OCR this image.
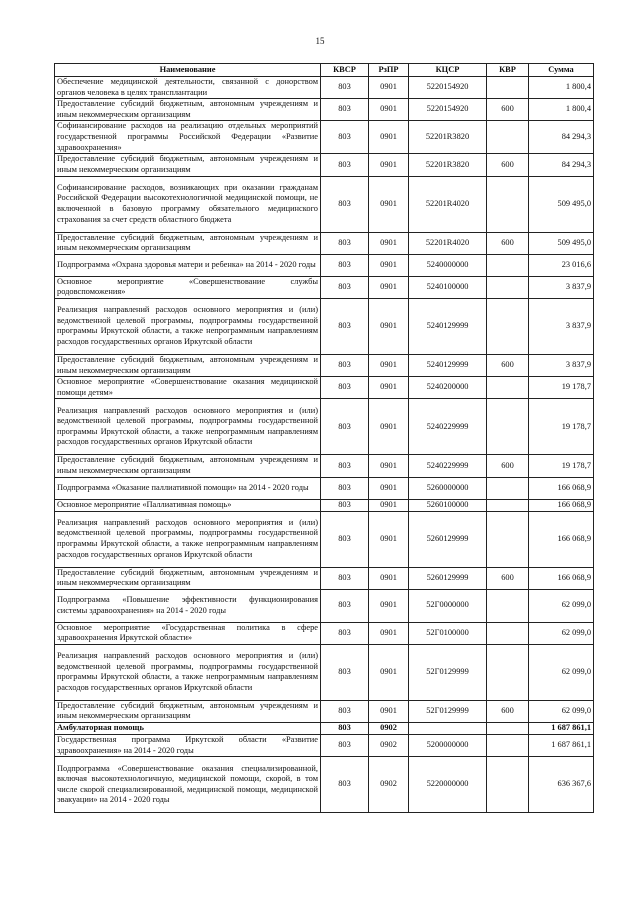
15
Наименование	КВСР	РзПР	КЦСР	КВР	Сумма
Обеспечение медицинской деятельности, связанной с донорством органов человека в целях трансплантации	803	0901	5220154920		1 800,4
Предоставление субсидий бюджетным, автономным учреждениям и иным некоммерческим организациям	803	0901	5220154920	600	1 800,4
Софинансирование расходов на реализацию отдельных мероприятий государственной программы Российской Федерации «Развитие здравоохранения»	803	0901	52201R3820		84 294,3
Предоставление субсидий бюджетным, автономным учреждениям и иным некоммерческим организациям	803	0901	52201R3820	600	84 294,3
Софинансирование расходов, возникающих при оказании гражданам Российской Федерации высокотехнологичной медицинской помощи, не включенной в базовую программу обязательного медицинского страхования за счет средств областного бюджета	803	0901	52201R4020		509 495,0
Предоставление субсидий бюджетным, автономным учреждениям и иным некоммерческим организациям	803	0901	52201R4020	600	509 495,0
Подпрограмма «Охрана здоровья матери и ребенка» на 2014 - 2020 годы	803	0901	5240000000		23 016,6
Основное мероприятие «Совершенствование службы родовспоможения»	803	0901	5240100000		3 837,9
Реализация направлений расходов основного мероприятия и (или) ведомственной целевой программы, подпрограммы государственной программы Иркутской области, а также непрограммным направлениям расходов государственных органов Иркутской области	803	0901	5240129999		3 837,9
Предоставление субсидий бюджетным, автономным учреждениям и иным некоммерческим организациям	803	0901	5240129999	600	3 837,9
Основное мероприятие «Совершенствование оказания медицинской помощи детям»	803	0901	5240200000		19 178,7
Реализация направлений расходов основного мероприятия и (или) ведомственной целевой программы, подпрограммы государственной программы Иркутской области, а также непрограммным направлениям расходов государственных органов Иркутской области	803	0901	5240229999		19 178,7
Предоставление субсидий бюджетным, автономным учреждениям и иным некоммерческим организациям	803	0901	5240229999	600	19 178,7
Подпрограмма «Оказание паллиативной помощи» на 2014 - 2020 годы	803	0901	5260000000		166 068,9
Основное мероприятие «Паллиативная помощь»	803	0901	5260100000		166 068,9
Реализация направлений расходов основного мероприятия и (или) ведомственной целевой программы, подпрограммы государственной программы Иркутской области, а также непрограммным направлениям расходов государственных органов Иркутской области	803	0901	5260129999		166 068,9
Предоставление субсидий бюджетным, автономным учреждениям и иным некоммерческим организациям	803	0901	5260129999	600	166 068,9
Подпрограмма «Повышение эффективности функционирования системы здравоохранения» на 2014 - 2020 годы	803	0901	52Г0000000		62 099,0
Основное мероприятие «Государственная политика в сфере здравоохранения Иркутской области»	803	0901	52Г0100000		62 099,0
Реализация направлений расходов основного мероприятия и (или) ведомственной целевой программы, подпрограммы государственной программы Иркутской области, а также непрограммным направлениям расходов государственных органов Иркутской области	803	0901	52Г0129999		62 099,0
Предоставление субсидий бюджетным, автономным учреждениям и иным некоммерческим организациям	803	0901	52Г0129999	600	62 099,0
Амбулаторная помощь	803	0902			1 687 861,1
Государственная программа Иркутской области «Развитие здравоохранения» на 2014 - 2020 годы	803	0902	5200000000		1 687 861,1
Подпрограмма «Совершенствование оказания специализированной, включая высокотехнологичную, медицинской помощи, скорой, в том числе скорой специализированной, медицинской помощи, медицинской эвакуации» на 2014 - 2020 годы	803	0902	5220000000		636 367,6
